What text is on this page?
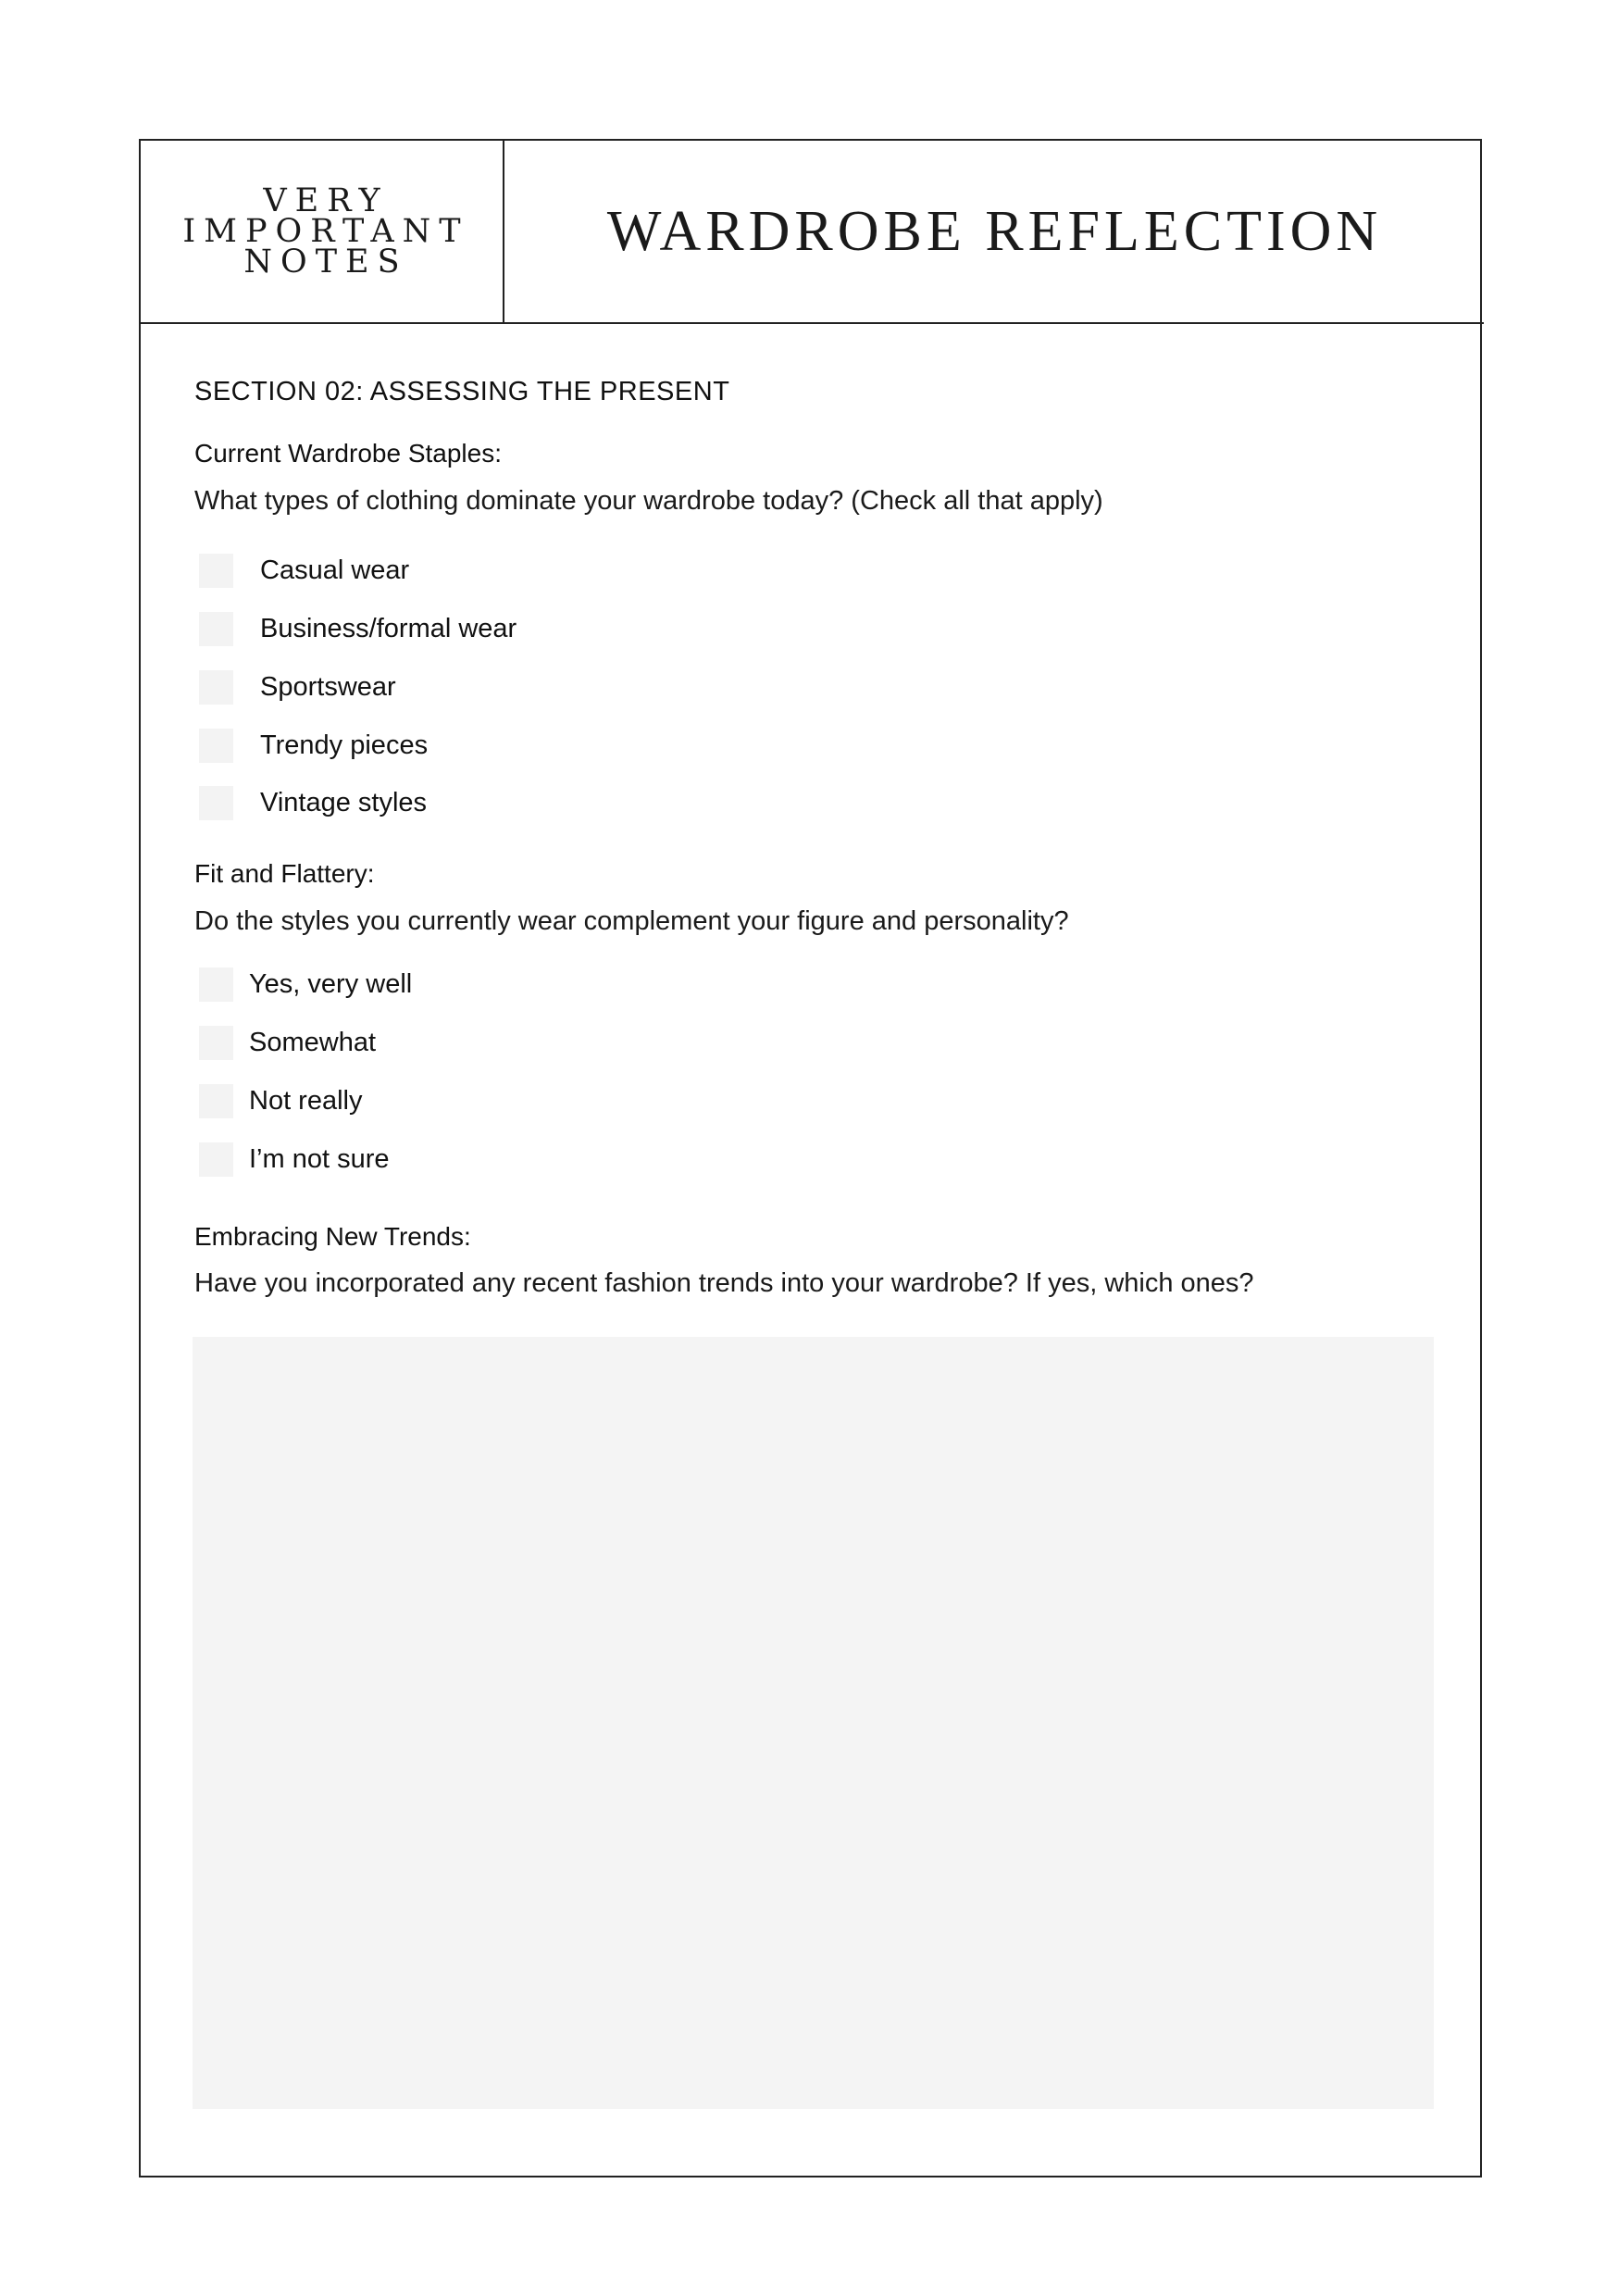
VERY
IMPORTANT
NOTES	WARDROBE REFLECTION
SECTION 02: ASSESSING THE PRESENT
Current Wardrobe Staples:
What types of clothing dominate your wardrobe today? (Check all that apply)
Casual wear
Business/formal wear
Sportswear
Trendy pieces
Vintage styles
Fit and Flattery:
Do the styles you currently wear complement your figure and personality?
Yes, very well
Somewhat
Not really
I’m not sure
Embracing New Trends:
Have you incorporated any recent fashion trends into your wardrobe? If yes, which ones?
